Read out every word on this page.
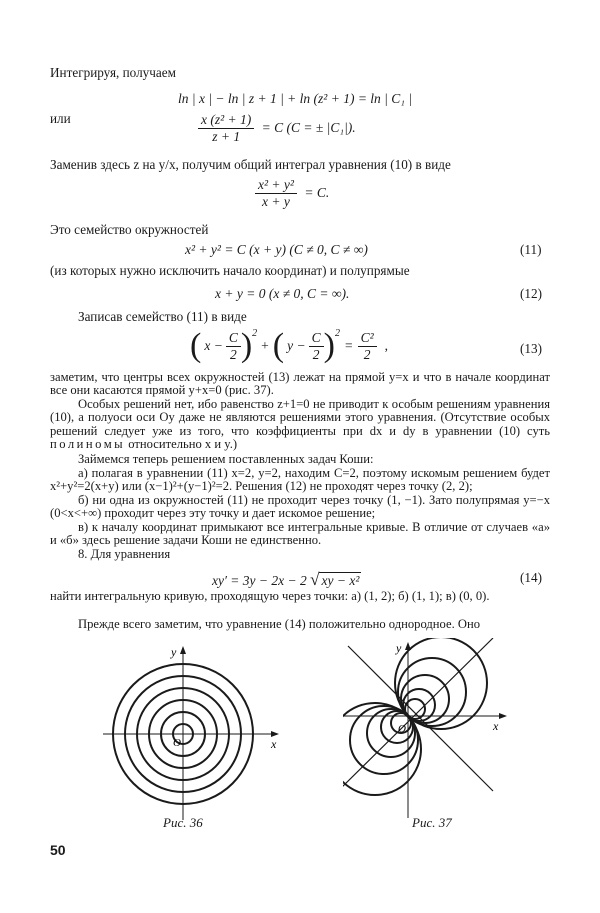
Интегрируя, получаем
ln | x | − ln | z + 1 | + ln (z² + 1) = ln | C₁ |
или	$\frac{\text{x (z² + 1)}}{z + 1} = C$ (C = ± |C₁|).
Заменив здесь z на y/x, получим общий интеграл уравнения (10) в виде
$\frac{\text{x² + y²}}{x + y} = C$.
Это семейство окружностей
x² + y² = C (x + y) (C ≠ 0, C ≠ ∞)	(11)
(из которых нужно исключить начало координат) и полупрямые
x + y = 0 (x ≠ 0, C = ∞).	(12)
Записав семейство (11) в виде
( $x - \frac{C}{2}$ ) 2
+ ( $y - \frac{C}{2}$ ) 2
= $\frac{\text{C²}}{2}$ ,	(13)
заметим, что центры всех окружностей (13) лежат на прямой y=x и что в начале координат все они касаются прямой y+x=0 (рис. 37).
Особых решений нет, ибо равенство z+1=0 не приводит к особым решениям уравнения (10), а полуоси оси Oy даже не являются решениями этого уравнения. (Отсутствие особых решений следует уже из того, что коэффициенты при dx и dy в уравнении (10) суть полиномы относительно x и y.)
Займемся теперь решением поставленных задач Коши:
а) полагая в уравнении (11) x=2, y=2, находим C=2, поэтому искомым решением будет x²+y²=2(x+y) или (x−1)²+(y−1)²=2. Решения (12) не проходят через точку (2, 2);
б) ни одна из окружностей (11) не проходит через точку (1, −1). Зато полупрямая y=−x (0<x<+∞) проходит через эту точку и дает искомое решение;
в) к началу координат примыкают все интегральные кривые. В отличие от случаев «а» и «б» здесь решение задачи Коши не единственно.
8. Для уравнения
xy′ = 3y − 2x − 2 √ xy − x²	(14)
найти интегральную кривую, проходящую через точки: а) (1, 2); б) (1, 1); в) (0, 0).
Прежде всего заметим, что уравнение (14) положительно однородное. Оно
y
x
O
Рис. 36
y
x
O
Рис. 37
50
